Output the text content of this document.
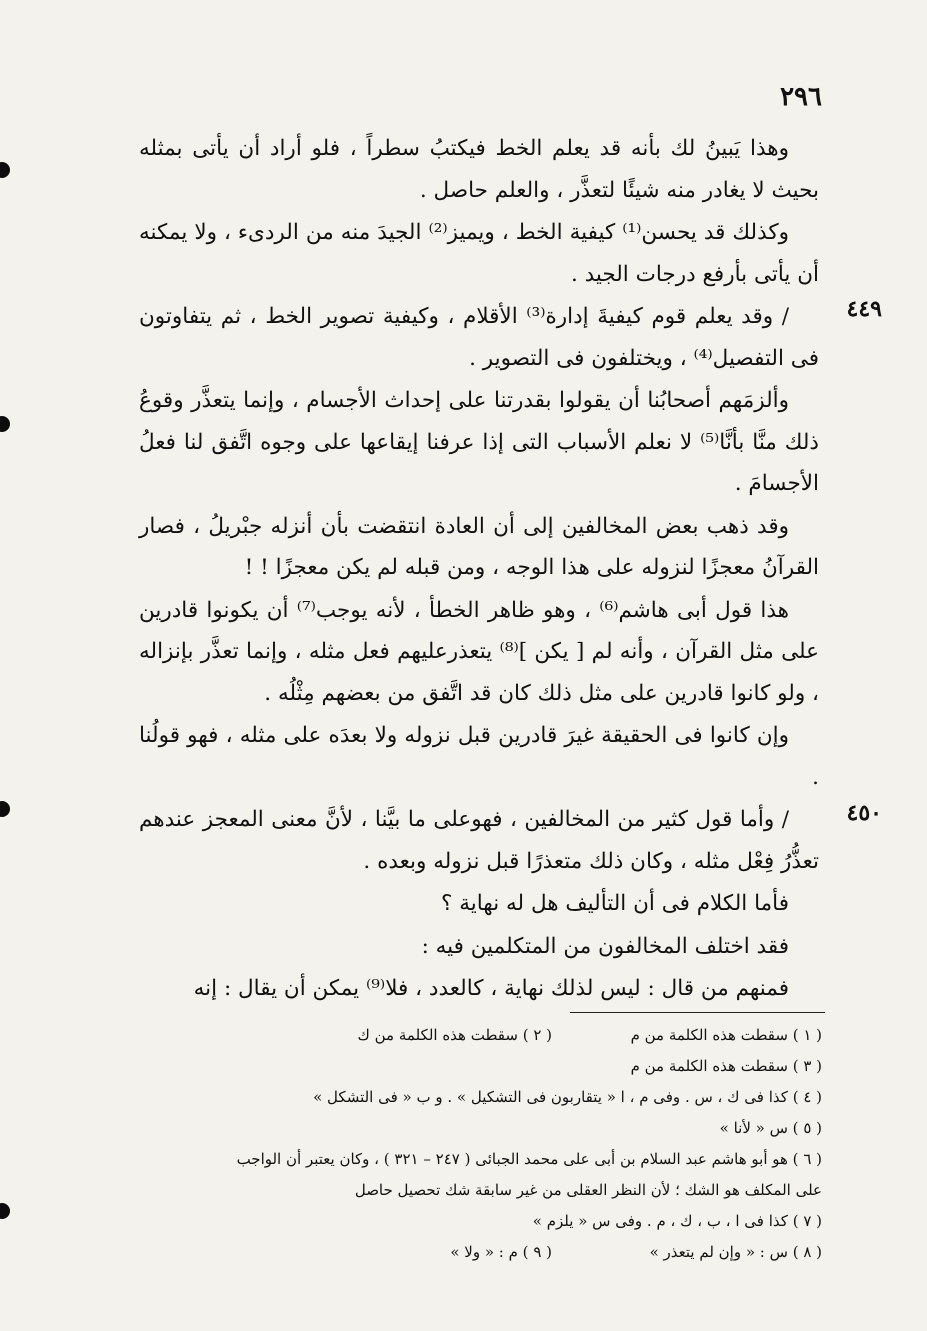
٢٩٦
٤٤٩
٤٥٠

وهذا يَبينُ لك بأنه قد يعلم الخط فيكتبُ سطراً ، فلو أراد أن يأتى بمثله بحيث لا يغادر منه شيئًا لتعذَّر ، والعلم حاصل .

وكذلك قد يحسن⁽¹⁾ كيفية الخط ، ويميز⁽²⁾ الجيدَ منه من الردىء ، ولا يمكنه أن يأتى بأرفع درجات الجيد .

/ وقد يعلم قوم كيفيةَ إدارة⁽³⁾ الأقلام ، وكيفية تصوير الخط ، ثم يتفاوتون فى التفصيل⁽⁴⁾ ، ويختلفون فى التصوير .

وألزمَهم أصحابُنا أن يقولوا بقدرتنا على إحداث الأجسام ، وإنما يتعذَّر وقوعُ ذلك منَّا بأنَّا⁽⁵⁾ لا نعلم الأسباب التى إذا عرفنا إيقاعها على وجوه اتَّفق لنا فعلُ الأجسامَ .

وقد ذهب بعض المخالفين إلى أن العادة انتقضت بأن أنزله جبْريلُ ، فصار القرآنُ معجزًا لنزوله على هذا الوجه ، ومن قبله لم يكن معجزًا ! !

هذا قول أبى هاشم⁽⁶⁾ ، وهو ظاهر الخطأ ، لأنه يوجب⁽⁷⁾ أن يكونوا قادرين على مثل القرآن ، وأنه لم [ يكن ]⁽⁸⁾ يتعذرعليهم فعل مثله ، وإنما تعذَّر بإنزاله ، ولو كانوا قادرين على مثل ذلك كان قد اتَّفق من بعضهم مِثْلُه .

وإن كانوا فى الحقيقة غيرَ قادرين قبل نزوله ولا بعدَه على مثله ، فهو قولُنا .

/ وأما قول كثير من المخالفين ، فهوعلى ما بيَّنا ، لأنَّ معنى المعجز عندهم تعذُّرُ فِعْل مثله ، وكان ذلك متعذرًا قبل نزوله وبعده .

فأما الكلام فى أن التأليف هل له نهاية ؟

فقد اختلف المخالفون من المتكلمين فيه :

فمنهم من قال : ليس لذلك نهاية ، كالعدد ، فلا⁽⁹⁾ يمكن أن يقال : إنه

( ١ ) سقطت هذه الكلمة من م
( ٢ ) سقطت هذه الكلمة من ك
( ٣ ) سقطت هذه الكلمة من م
( ٤ ) كذا فى ك ، س . وفى م ، ا « يتقاربون فى التشكيل » . و ب « فى التشكل »
( ٥ ) س « لأنا »
( ٦ ) هو أبو هاشم عبد السلام بن أبى على محمد الجبائى ( ٢٤٧ – ٣٢١ ) ، وكان يعتبر أن الواجب
على المكلف هو الشك ؛ لأن النظر العقلى من غير سابقة شك تحصيل حاصل
( ٧ ) كذا فى ا ، ب ، ك ، م . وفى س « يلزم »
( ٨ ) س : « وإن لم يتعذر »
( ٩ ) م : « ولا »
